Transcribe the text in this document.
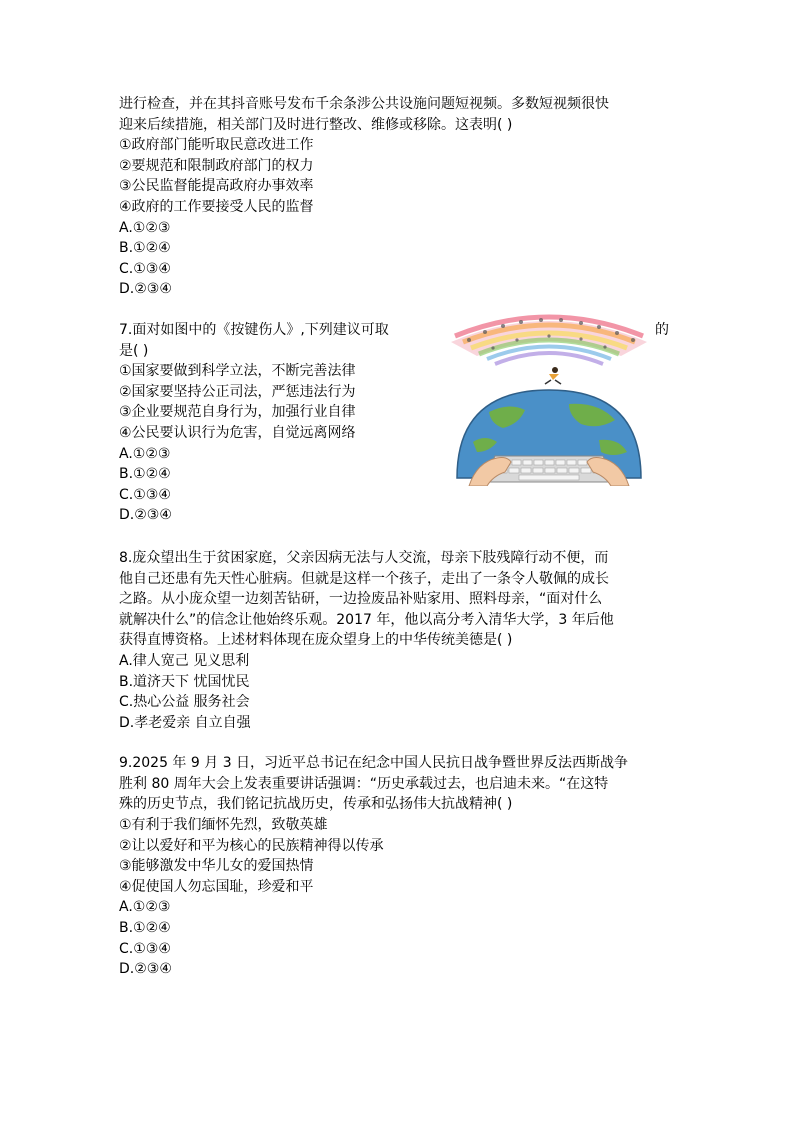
进行检查，并在其抖音账号发布千余条涉公共设施问题短视频。多数短视频很快
迎来后续措施，相关部门及时进行整改、维修或移除。这表明( )
①政府部门能听取民意改进工作
②要规范和限制政府部门的权力
③公民监督能提高政府办事效率
④政府的工作要接受人民的监督
A.①②③
B.①②④
C.①③④
D.②③④
7.面对如图中的《按键伤人》,下列建议可取	的
是( )
①国家要做到科学立法，不断完善法律
②国家要坚持公正司法，严惩违法行为
③企业要规范自身行为，加强行业自律
④公民要认识行为危害，自觉远离网络
A.①②③
B.①②④
C.①③④
D.②③④
8.庞众望出生于贫困家庭，父亲因病无法与人交流，母亲下肢残障行动不便，而
他自己还患有先天性心脏病。但就是这样一个孩子，走出了一条令人敬佩的成长
之路。从小庞众望一边刻苦钻研，一边捡废品补贴家用、照料母亲，“面对什么
就解决什么”的信念让他始终乐观。2017 年，他以高分考入清华大学，3 年后他
获得直博资格。上述材料体现在庞众望身上的中华传统美德是( )
A.律人宽己 见义思利
B.道济天下 忧国忧民
C.热心公益 服务社会
D.孝老爱亲 自立自强
9.2025 年 9 月 3 日，习近平总书记在纪念中国人民抗日战争暨世界反法西斯战争
胜利 80 周年大会上发表重要讲话强调：“历史承载过去，也启迪未来。“在这特
殊的历史节点，我们铭记抗战历史，传承和弘扬伟大抗战精神( )
①有利于我们缅怀先烈，致敬英雄
②让以爱好和平为核心的民族精神得以传承
③能够激发中华儿女的爱国热情
④促使国人勿忘国耻，珍爱和平
A.①②③
B.①②④
C.①③④
D.②③④
